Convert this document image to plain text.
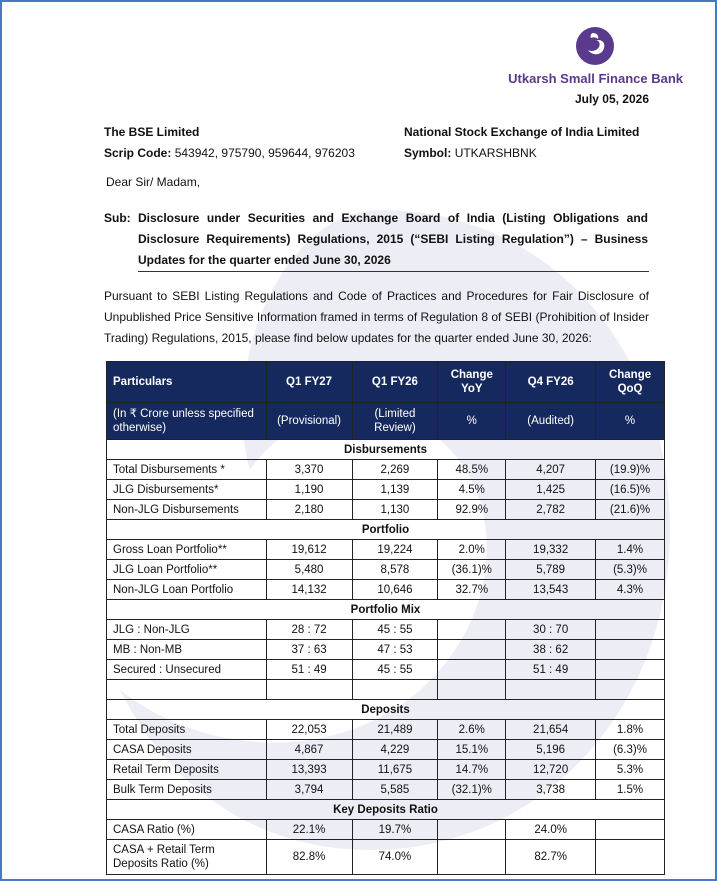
Utkarsh Small Finance Bank
July 05, 2026
The BSE Limited
Scrip Code: 543942, 975790, 959644, 976203
National Stock Exchange of India Limited
Symbol: UTKARSHBNK
Dear Sir/ Madam,
Sub: Disclosure under Securities and Exchange Board of India (Listing Obligations and Disclosure Requirements) Regulations, 2015 (“SEBI Listing Regulation”) – Business Updates for the quarter ended June 30, 2026
Pursuant to SEBI Listing Regulations and Code of Practices and Procedures for Fair Disclosure of Unpublished Price Sensitive Information framed in terms of Regulation 8 of SEBI (Prohibition of Insider Trading) Regulations, 2015, please find below updates for the quarter ended June 30, 2026:
Particulars	Q1 FY27	Q1 FY26	Change YoY	Q4 FY26	Change QoQ
(In ₹ Crore unless specified otherwise)	(Provisional)	(Limited Review)	%	(Audited)	%
Disbursements					
Total Disbursements *	3,370	2,269	48.5%	4,207	(19.9)%
JLG Disbursements*	1,190	1,139	4.5%	1,425	(16.5)%
Non-JLG Disbursements	2,180	1,130	92.9%	2,782	(21.6)%
Portfolio					
Gross Loan Portfolio**	19,612	19,224	2.0%	19,332	1.4%
JLG Loan Portfolio**	5,480	8,578	(36.1)%	5,789	(5.3)%
Non-JLG Loan Portfolio	14,132	10,646	32.7%	13,543	4.3%
Portfolio Mix					
JLG : Non-JLG	28 : 72	45 : 55		30 : 70	
MB : Non-MB	37 : 63	47 : 53		38 : 62	
Secured : Unsecured	51 : 49	45 : 55		51 : 49	

Deposits					
Total Deposits	22,053	21,489	2.6%	21,654	1.8%
CASA Deposits	4,867	4,229	15.1%	5,196	(6.3)%
Retail Term Deposits	13,393	11,675	14.7%	12,720	5.3%
Bulk Term Deposits	3,794	5,585	(32.1)%	3,738	1.5%
Key Deposits Ratio					
CASA Ratio (%)	22.1%	19.7%		24.0%	
CASA + Retail Term Deposits Ratio (%)	82.8%	74.0%		82.7%	
